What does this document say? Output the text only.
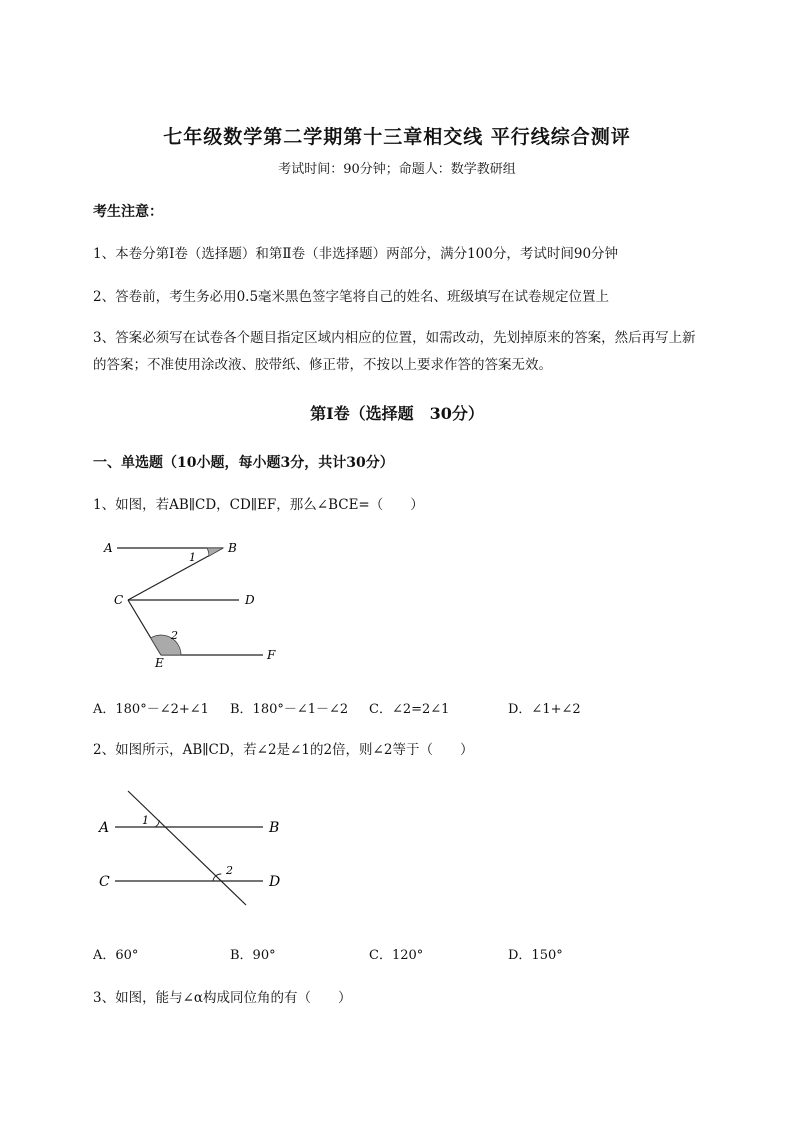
七年级数学第二学期第十三章相交线 平行线综合测评
考试时间：90分钟；命题人：数学教研组
考生注意：
1、本卷分第Ⅰ卷（选择题）和第Ⅱ卷（非选择题）两部分，满分100分，考试时间90分钟
2、答卷前，考生务必用0.5毫米黑色签字笔将自己的姓名、班级填写在试卷规定位置上
3、答案必须写在试卷各个题目指定区域内相应的位置，如需改动，先划掉原来的答案，然后再写上新
的答案；不准使用涂改液、胶带纸、修正带，不按以上要求作答的答案无效。
第Ⅰ卷（选择题　30分）
一、单选题（10小题，每小题3分，共计30分）
1、如图，若AB∥CD，CD∥EF，那么∠BCE=（　　）
A	B
C	D
E
F
1
2
A．180°－∠2+∠1 B．180°－∠1－∠2 C．∠2=2∠1	D．∠1+∠2
2、如图所示，AB∥CD，若∠2是∠1的2倍，则∠2等于（　　）
A	B
C	D
1
2
A．60°	B．90°	C．120°	D．150°
3、如图，能与∠α构成同位角的有（　　）
